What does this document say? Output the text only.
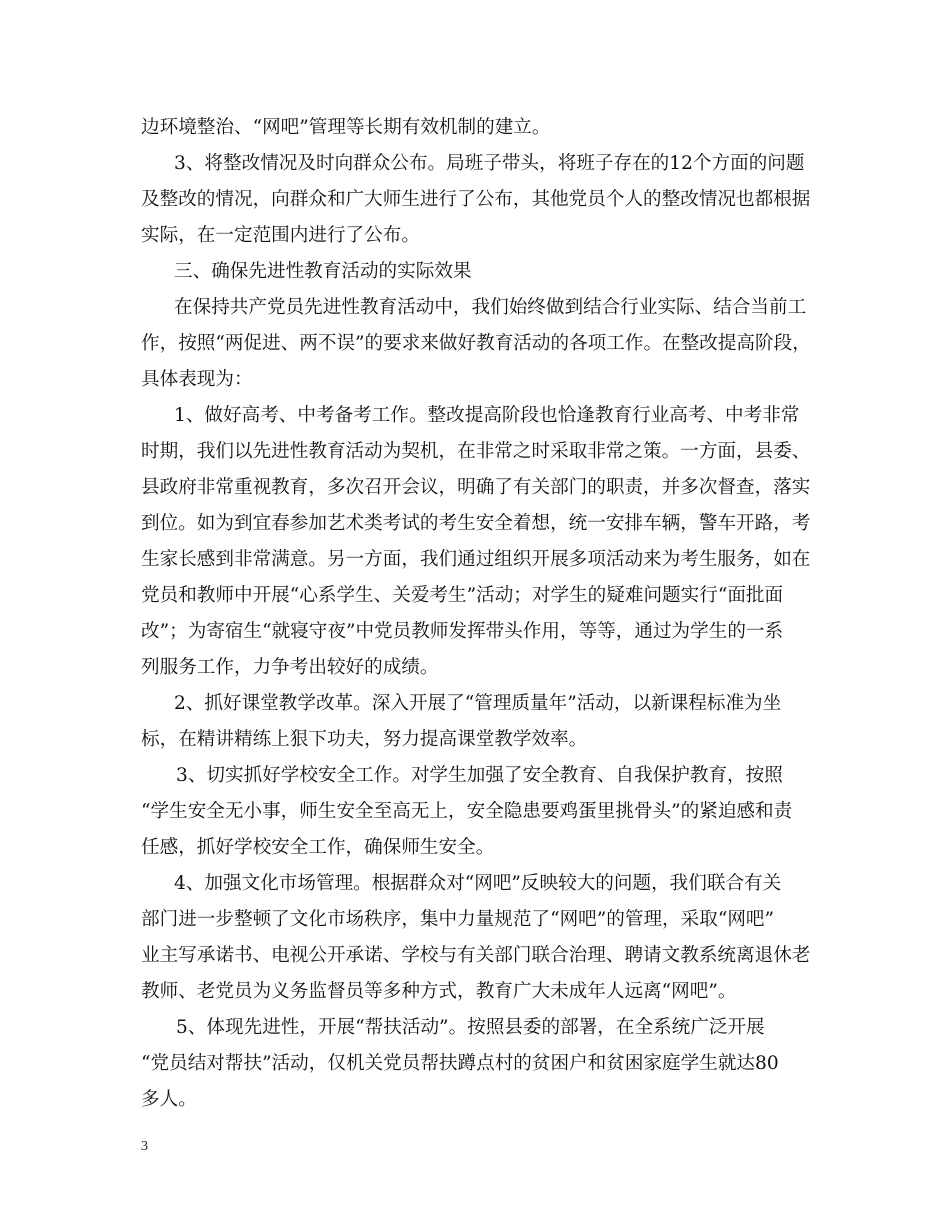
边环境整治、“网吧”管理等长期有效机制的建立。
3、将整改情况及时向群众公布。局班子带头，将班子存在的12个方面的问题
及整改的情况，向群众和广大师生进行了公布，其他党员个人的整改情况也都根据
实际，在一定范围内进行了公布。
三、确保先进性教育活动的实际效果
在保持共产党员先进性教育活动中，我们始终做到结合行业实际、结合当前工
作，按照“两促进、两不误”的要求来做好教育活动的各项工作。在整改提高阶段，
具体表现为：
1、做好高考、中考备考工作。整改提高阶段也恰逢教育行业高考、中考非常
时期，我们以先进性教育活动为契机，在非常之时采取非常之策。一方面，县委、
县政府非常重视教育，多次召开会议，明确了有关部门的职责，并多次督查，落实
到位。如为到宜春参加艺术类考试的考生安全着想，统一安排车辆，警车开路，考
生家长感到非常满意。另一方面，我们通过组织开展多项活动来为考生服务，如在
党员和教师中开展“心系学生、关爱考生”活动；对学生的疑难问题实行“面批面
改”；为寄宿生“就寝守夜”中党员教师发挥带头作用，等等，通过为学生的一系
列服务工作，力争考出较好的成绩。
2、抓好课堂教学改革。深入开展了“管理质量年”活动，以新课程标准为坐
标，在精讲精练上狠下功夫，努力提高课堂教学效率。
3、切实抓好学校安全工作。对学生加强了安全教育、自我保护教育，按照
“学生安全无小事，师生安全至高无上，安全隐患要鸡蛋里挑骨头”的紧迫感和责
任感，抓好学校安全工作，确保师生安全。
4、加强文化市场管理。根据群众对“网吧”反映较大的问题，我们联合有关
部门进一步整顿了文化市场秩序，集中力量规范了“网吧”的管理，采取“网吧”
业主写承诺书、电视公开承诺、学校与有关部门联合治理、聘请文教系统离退休老
教师、老党员为义务监督员等多种方式，教育广大未成年人远离“网吧”。
5、体现先进性，开展“帮扶活动”。按照县委的部署，在全系统广泛开展
“党员结对帮扶”活动，仅机关党员帮扶蹲点村的贫困户和贫困家庭学生就达80
多人。
3
